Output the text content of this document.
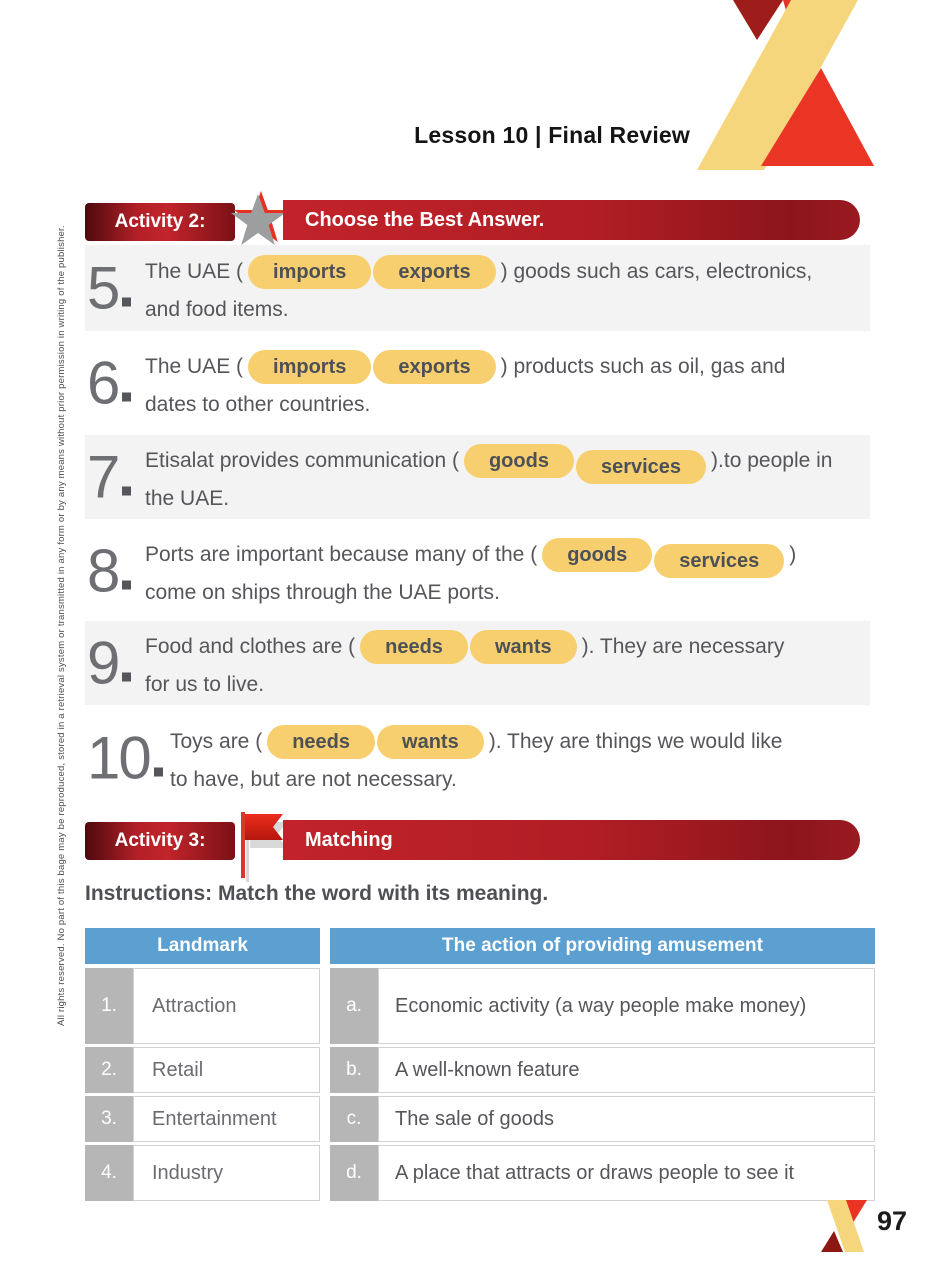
Lesson 10 | Final Review
Activity 2:	Choose the Best Answer.
5 The UAE (	imports	exports	) goods such as cars, electronics,
and food items.
6 The UAE (	imports	exports	) products such as oil, gas and
dates to other countries.
7 Etisalat provides communication (	goods	services	).to people in
the UAE.
8 Ports are important because many of the (	goods	services	)
come on ships through the UAE ports.
9 Food and clothes are (	needs	wants	). They are necessary
for us to live.
10 Toys are (	needs	wants	). They are things we would like
to have, but are not necessary.
Activity 3:	Matching
Instructions: Match the word with its meaning.
Landmark	The action of providing amusement
1.	Attraction	a.	Economic activity (a way people make money)
2.	Retail	b.	A well-known feature
3.	Entertainment	c.	The sale of goods
4.	Industry	d.	A place that attracts or draws people to see it
97
All rights reserved. No part of this bage may be reproduced, stored in a retrieval system or transmitted in any form or by any means without prior permission in writing of the publisher.
